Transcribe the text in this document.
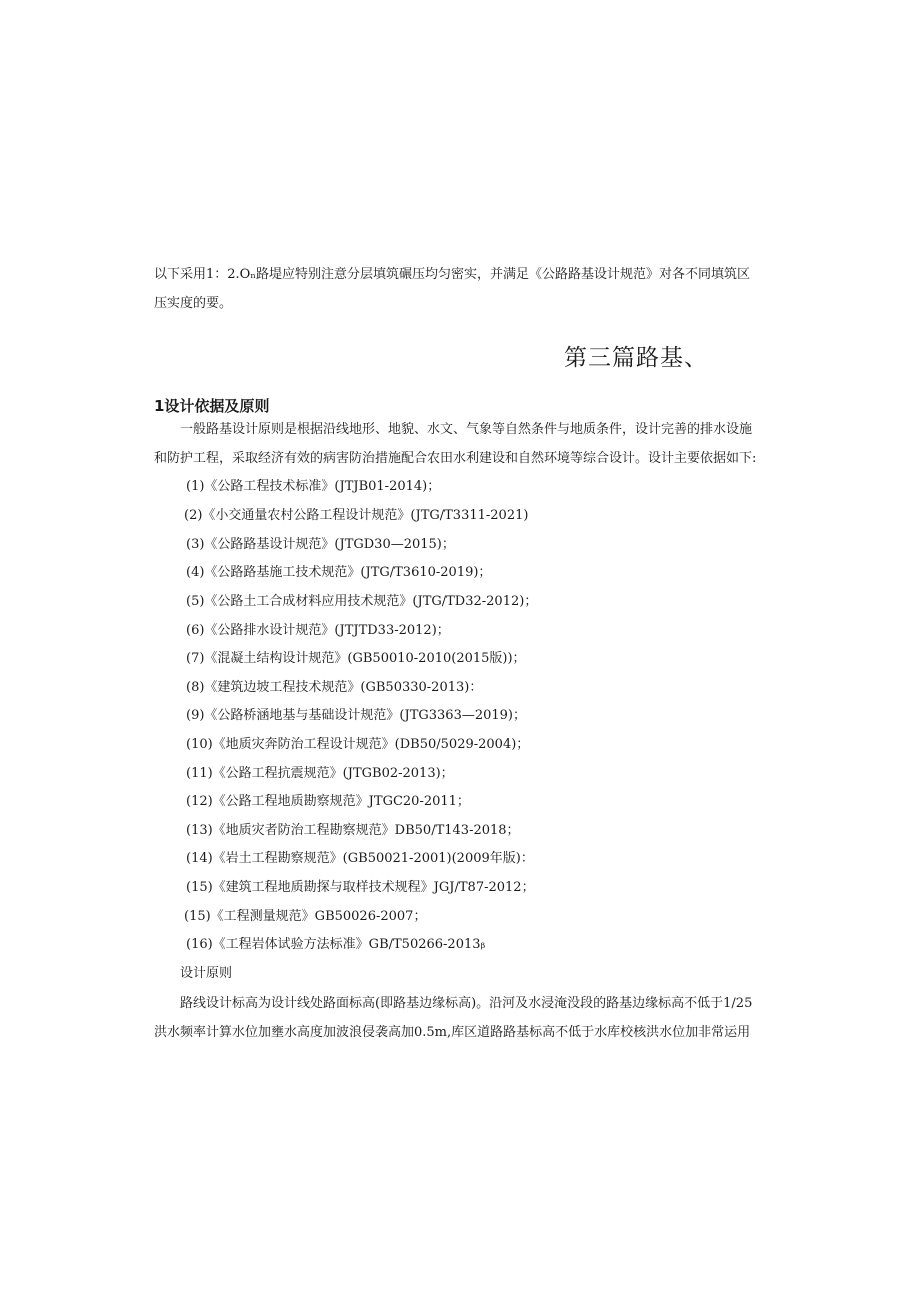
以下采用1：2.Oₙ路堤应特别注意分层填筑碾压均匀密实，并满足《公路路基设计规范》对各不同填筑区
压实度的要。
第三篇路基、
1设计依据及原则
一般路基设计原则是根据沿线地形、地貌、水文、气象等自然条件与地质条件，设计完善的排水设施
和防护工程，采取经济有效的病害防治措施配合农田水利建设和自然环境等综合设计。设计主要依据如下:
(1)《公路工程技术标准》(JTJB01-2014)；
(2)《小交通量农村公路工程设计规范》(JTG/T3311-2021)
(3)《公路路基设计规范》(JTGD30—2015)；
(4)《公路路基施工技术规范》(JTG/T3610-2019)；
(5)《公路土工合成材料应用技术规范》(JTG/TD32-2012)；
(6)《公路排水设计规范》(JTJTD33-2012)；
(7)《混凝土结构设计规范》(GB50010-2010(2015版))；
(8)《建筑边坡工程技术规范》(GB50330-2013)：
(9)《公路桥涵地基与基础设计规范》(JTG3363—2019)；
(10)《地质灾奔防治工程设计规范》(DB50/5029-2004)；
(11)《公路工程抗震规范》(JTGB02-2013)；
(12)《公路工程地质勘察规范》JTGC20-2011；
(13)《地质灾者防治工程勘察规范》DB50/T143-2018；
(14)《岩土工程勘察规范》(GB50021-2001)(2009年版)：
(15)《建筑工程地质勘探与取样技术规程》JGJ/T87-2012；
(15)《工程测量规范》GB50026-2007；
(16)《工程岩体试验方法标准》GB/T50266-2013ᵦ
设计原则
路线设计标高为设计线处路面标高(即路基边缘标高)。沿河及水浸淹没段的路基边缘标高不低于1/25
洪水频率计算水位加壅水高度加波浪侵袭高加0.5m,库区道路路基标高不低于水库校核洪水位加非常运用
